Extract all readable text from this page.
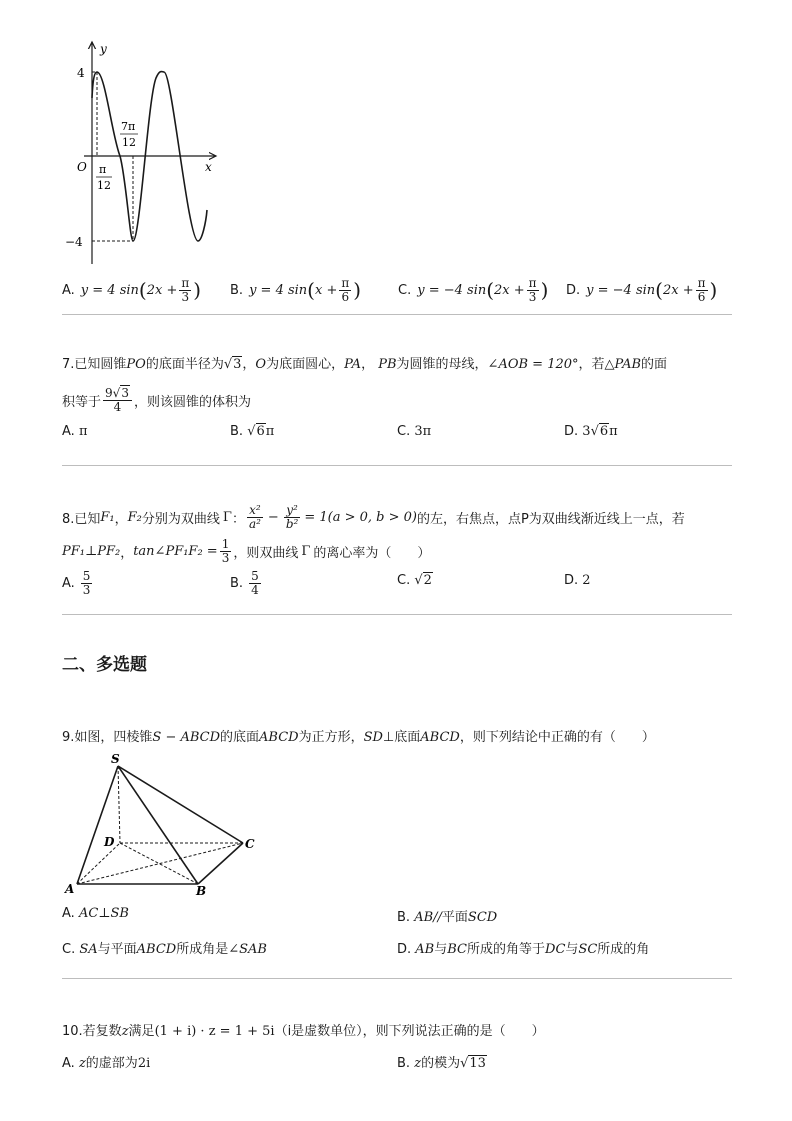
y
x
O
4
−4
π
12
7π
12
A. y = 4 sin ( $2x + \frac{\pi}{3}$ ) B. y = 4 sin ( $x + \frac{\pi}{6}$ )	C. y = −4 sin ( $2x + \frac{\pi}{3}$ ) D. y = −4 sin ( $2x + \frac{\pi}{6}$ )
7.已知圆锥PO的底面半径为√3，O为底面圆心，PA， PB为圆锥的母线，∠AOB = 120°，若△PAB的面
积等于 $\frac{9√3}{4}$ ，则该圆锥的体积为
A. π	B. √6π	C. 3π	D. 3√6π
8.已知 F₁ ， F₂ 分别为双曲线 Γ ： $\frac{\text{x²}}{\text{a²}} - \frac{\text{y²}}{\text{b²}} = 1(a > 0$, b > 0) 的左，右焦点，点P为双曲线渐近线上一点，若
PF₁⊥PF₂ ， tan∠PF₁F₂ = $\frac{1}{3}$ ，则双曲线 Γ 的离心率为（　　）
A. $\frac{5}{3}$	B. $\frac{5}{4}$	C. √2	D. 2
二、多选题
9.如图，四棱锥S − ABCD的底面ABCD为正方形，SD⊥底面ABCD，则下列结论中正确的有（　　）
S
D	C
A	B
A. AC⊥SB	B. AB//平面SCD
C. SA与平面ABCD所成角是∠SAB	D. AB与BC所成的角等于DC与SC所成的角
10.若复数z满足(1 + i) · z = 1 + 5i（i是虚数单位），则下列说法正确的是（　　）
A. z的虚部为2i	B. z的模为√13
